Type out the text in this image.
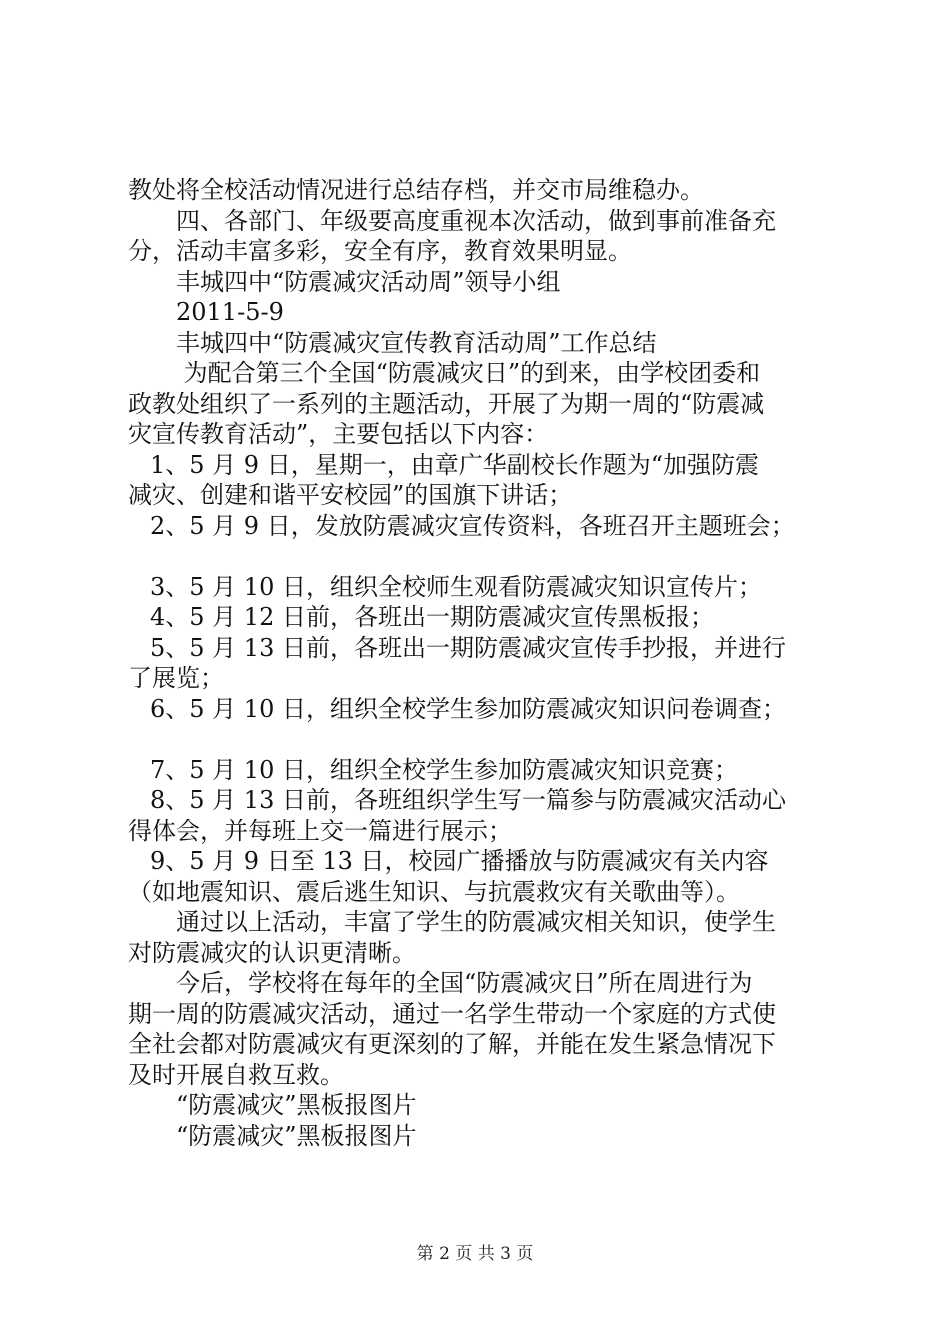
教处将全校活动情况进行总结存档，并交市局维稳办。
四、各部门、年级要高度重视本次活动，做到事前准备充
分，活动丰富多彩，安全有序，教育效果明显。
丰城四中“防震减灾活动周”领导小组
2011-5-9
丰城四中“防震减灾宣传教育活动周”工作总结
为配合第三个全国“防震减灾日”的到来，由学校团委和
政教处组织了一系列的主题活动，开展了为期一周的“防震减
灾宣传教育活动”，主要包括以下内容：
1、5 月 9 日，星期一，由章广华副校长作题为“加强防震
减灾、创建和谐平安校园”的国旗下讲话；
2、5 月 9 日，发放防震减灾宣传资料，各班召开主题班会；
3、5 月 10 日，组织全校师生观看防震减灾知识宣传片；
4、5 月 12 日前，各班出一期防震减灾宣传黑板报；
5、5 月 13 日前，各班出一期防震减灾宣传手抄报，并进行
了展览；
6、5 月 10 日，组织全校学生参加防震减灾知识问卷调查；
7、5 月 10 日，组织全校学生参加防震减灾知识竞赛；
8、5 月 13 日前，各班组织学生写一篇参与防震减灾活动心
得体会，并每班上交一篇进行展示；
9、5 月 9 日至 13 日，校园广播播放与防震减灾有关内容
（如地震知识、震后逃生知识、与抗震救灾有关歌曲等）。
通过以上活动，丰富了学生的防震减灾相关知识，使学生
对防震减灾的认识更清晰。
今后，学校将在每年的全国“防震减灾日”所在周进行为
期一周的防震减灾活动，通过一名学生带动一个家庭的方式使
全社会都对防震减灾有更深刻的了解，并能在发生紧急情况下
及时开展自救互救。
“防震减灾”黑板报图片
“防震减灾”黑板报图片
第 2 页 共 3 页
